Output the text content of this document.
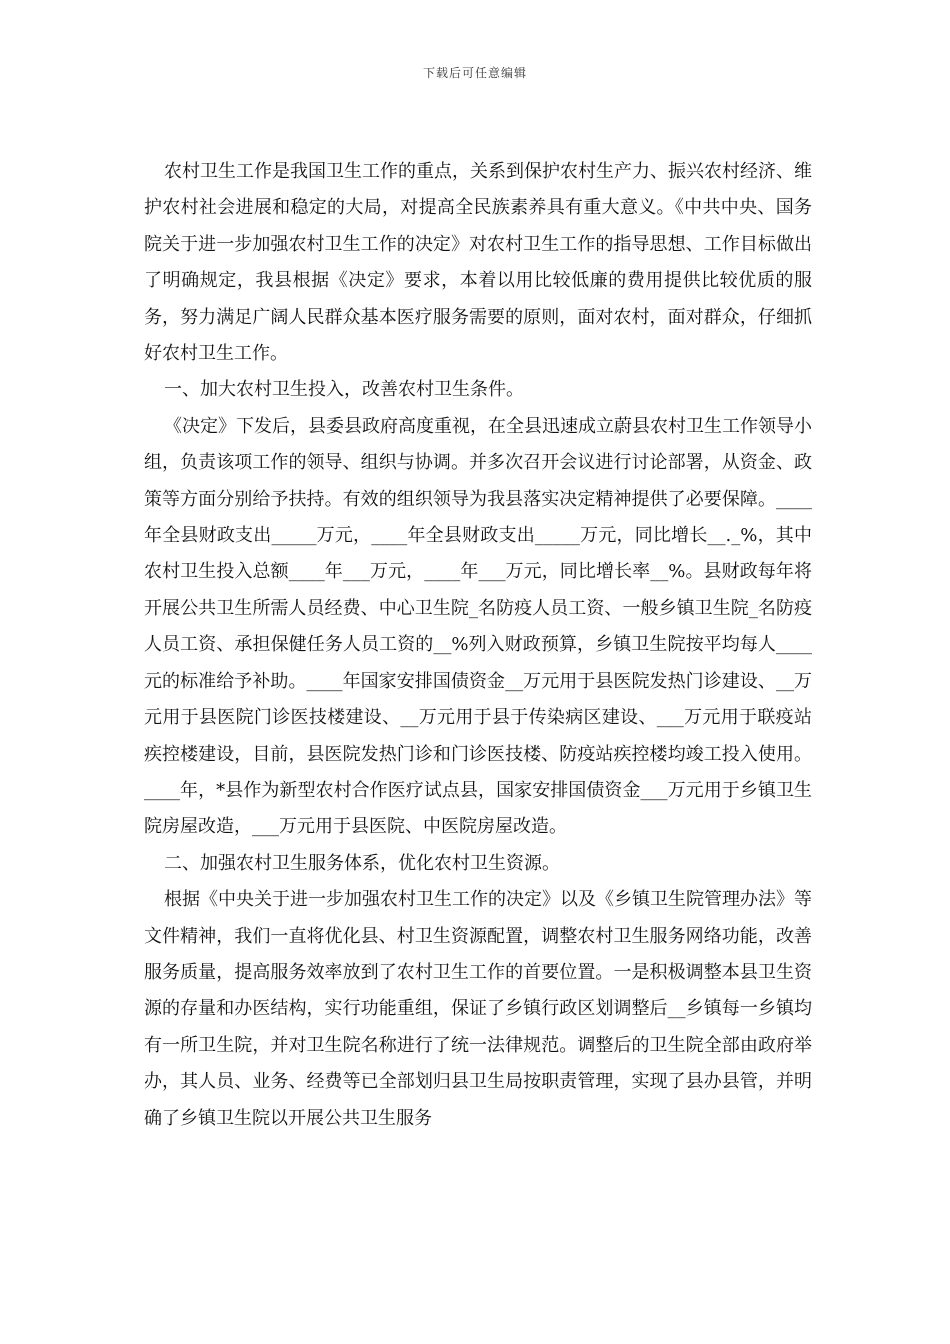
下载后可任意编辑

农村卫生工作是我国卫生工作的重点，关系到保护农村生产力、振兴农村经济、维护农村社会进展和稳定的大局，对提高全民族素养具有重大意义。《中共中央、国务院关于进一步加强农村卫生工作的决定》对农村卫生工作的指导思想、工作目标做出了明确规定，我县根据《决定》要求，本着以用比较低廉的费用提供比较优质的服务，努力满足广阔人民群众基本医疗服务需要的原则，面对农村，面对群众，仔细抓好农村卫生工作。

一、加大农村卫生投入，改善农村卫生条件。

《决定》下发后，县委县政府高度重视，在全县迅速成立蔚县农村卫生工作领导小组，负责该项工作的领导、组织与协调。并多次召开会议进行讨论部署，从资金、政策等方面分别给予扶持。有效的组织领导为我县落实决定精神提供了必要保障。____年全县财政支出_____万元，____年全县财政支出_____万元，同比增长__._%，其中农村卫生投入总额____年___万元，____年___万元，同比增长率__%。县财政每年将开展公共卫生所需人员经费、中心卫生院_名防疫人员工资、一般乡镇卫生院_名防疫人员工资、承担保健任务人员工资的__%列入财政预算，乡镇卫生院按平均每人____元的标准给予补助。____年国家安排国债资金__万元用于县医院发热门诊建设、__万元用于县医院门诊医技楼建设、__万元用于县于传染病区建设、___万元用于联疫站疾控楼建设，目前，县医院发热门诊和门诊医技楼、防疫站疾控楼均竣工投入使用。____年，*县作为新型农村合作医疗试点县，国家安排国债资金___万元用于乡镇卫生院房屋改造，___万元用于县医院、中医院房屋改造。

二、加强农村卫生服务体系，优化农村卫生资源。

根据《中央关于进一步加强农村卫生工作的决定》以及《乡镇卫生院管理办法》等文件精神，我们一直将优化县、村卫生资源配置，调整农村卫生服务网络功能，改善服务质量，提高服务效率放到了农村卫生工作的首要位置。一是积极调整本县卫生资源的存量和办医结构，实行功能重组，保证了乡镇行政区划调整后__乡镇每一乡镇均有一所卫生院，并对卫生院名称进行了统一法律规范。调整后的卫生院全部由政府举办，其人员、业务、经费等已全部划归县卫生局按职责管理，实现了县办县管，并明确了乡镇卫生院以开展公共卫生服务
